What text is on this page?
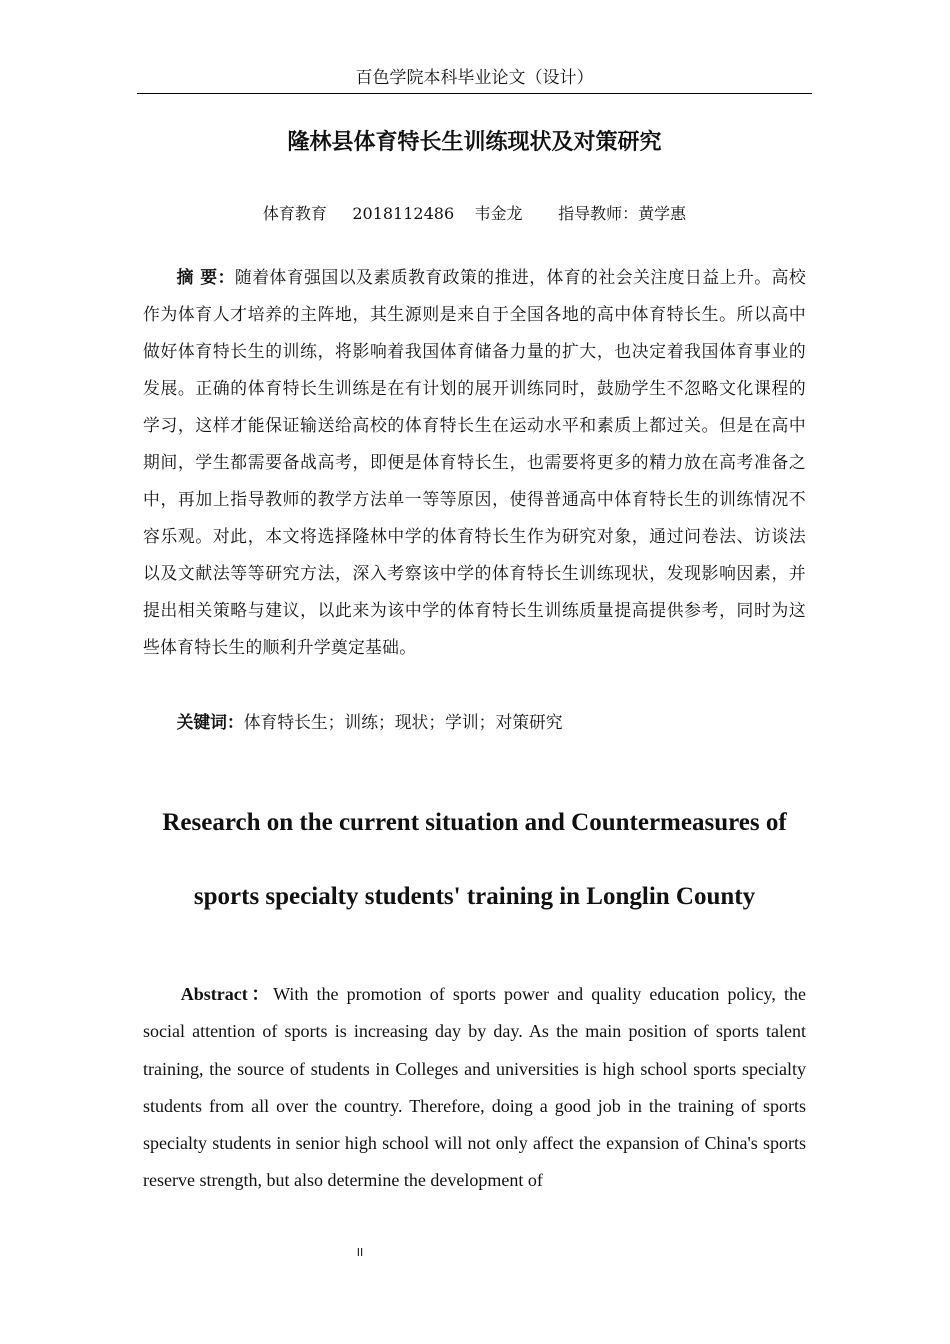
百色学院本科毕业论文（设计）
隆林县体育特长生训练现状及对策研究
体育教育     2018112486    韦金龙       指导教师：黄学惠

摘 要：随着体育强国以及素质教育政策的推进，体育的社会关注度日益上升。高校作为体育人才培养的主阵地，其生源则是来自于全国各地的高中体育特长生。所以高中做好体育特长生的训练，将影响着我国体育储备力量的扩大，也决定着我国体育事业的发展。正确的体育特长生训练是在有计划的展开训练同时，鼓励学生不忽略文化课程的学习，这样才能保证输送给高校的体育特长生在运动水平和素质上都过关。但是在高中期间，学生都需要备战高考，即便是体育特长生，也需要将更多的精力放在高考准备之中，再加上指导教师的教学方法单一等等原因，使得普通高中体育特长生的训练情况不容乐观。对此，本文将选择隆林中学的体育特长生作为研究对象，通过问卷法、访谈法以及文献法等等研究方法，深入考察该中学的体育特长生训练现状，发现影响因素，并提出相关策略与建议，以此来为该中学的体育特长生训练质量提高提供参考，同时为这些体育特长生的顺利升学奠定基础。

关键词：体育特长生；训练；现状；学训；对策研究

Research on the current situation and Countermeasures of
sports specialty students' training in Longlin County

Abstract：With the promotion of sports power and quality education policy, the social attention of sports is increasing day by day. As the main position of sports talent training, the source of students in Colleges and universities is high school sports specialty students from all over the country. Therefore, doing a good job in the training of sports specialty students in senior high school will not only affect the expansion of China's sports reserve strength, but also determine the development of

II
